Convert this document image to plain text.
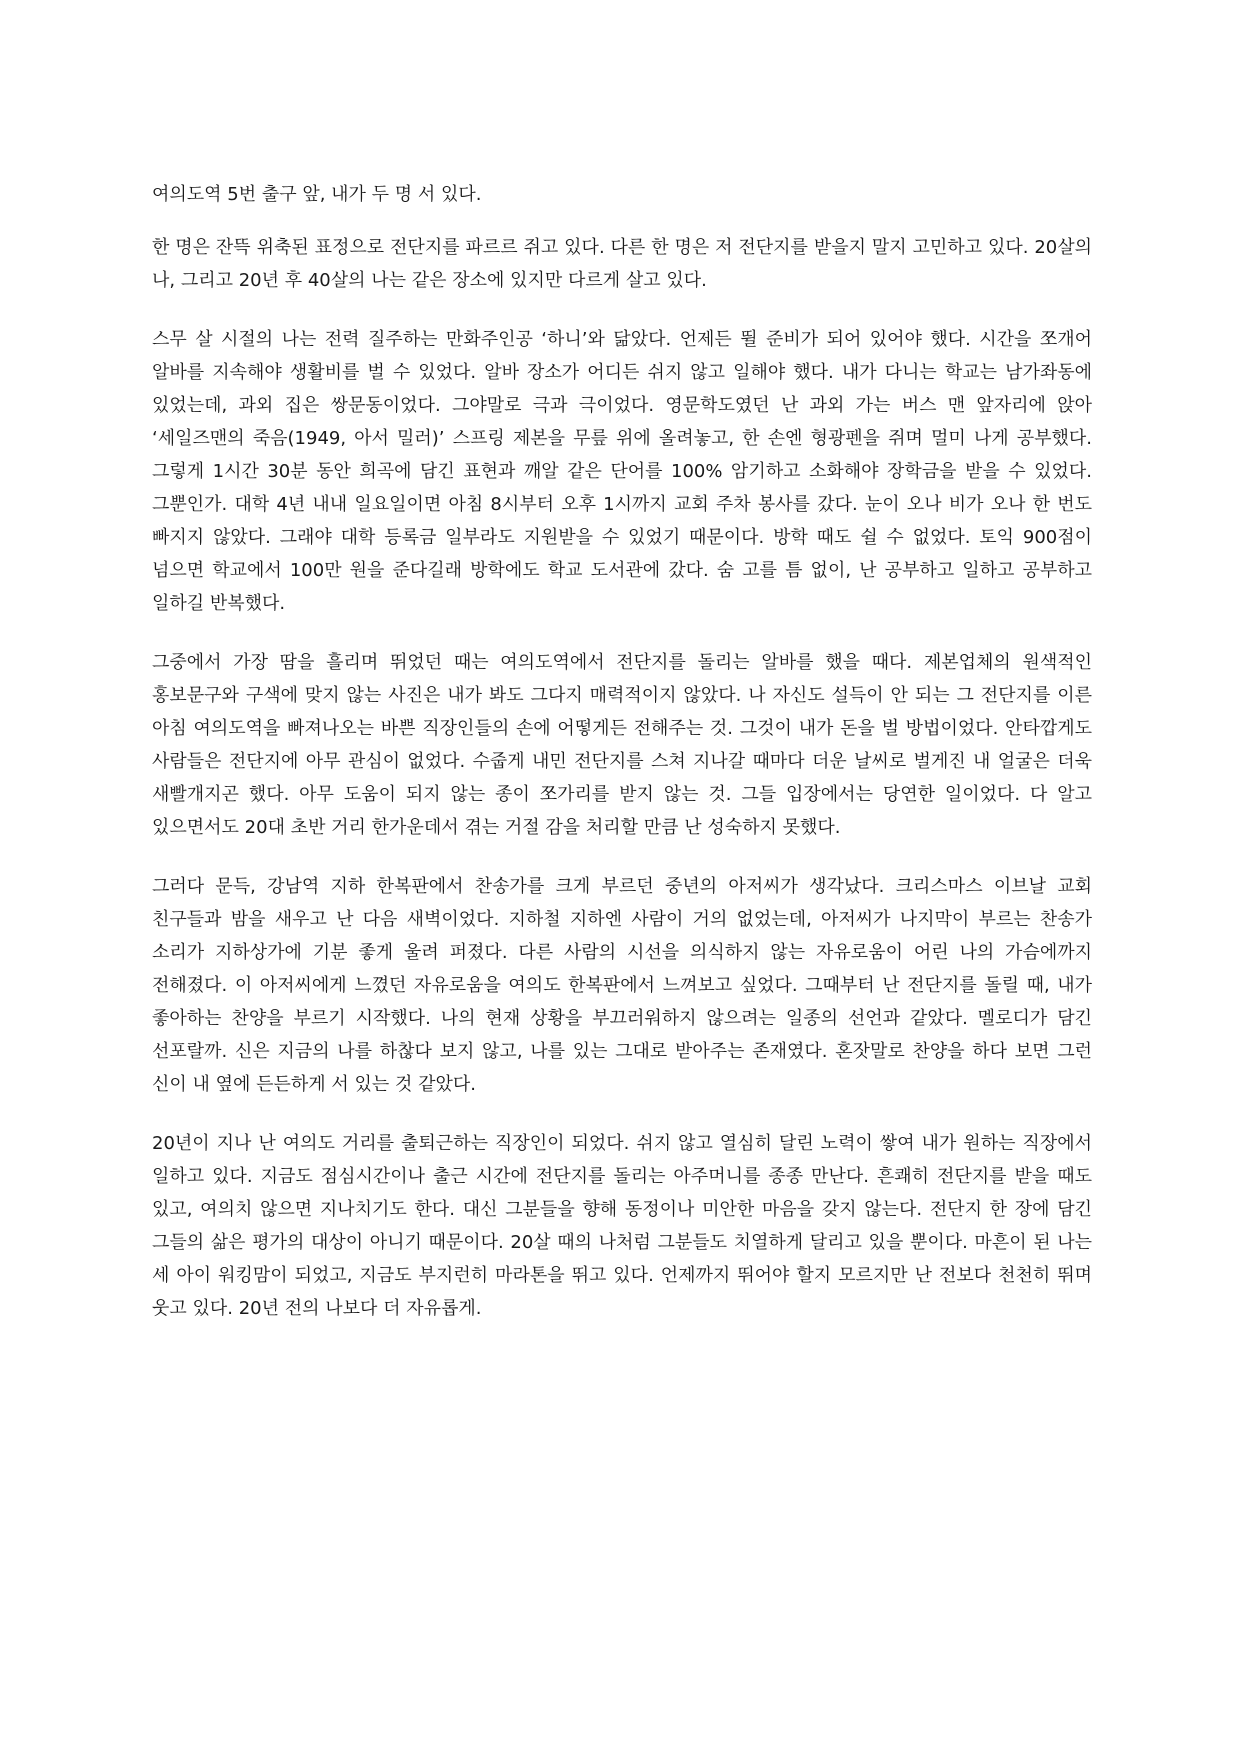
여의도역 5번 출구 앞, 내가 두 명 서 있다.

한 명은 잔뜩 위축된 표정으로 전단지를 파르르 쥐고 있다. 다른 한 명은 저 전단지를 받을지 말지 고민하고 있다. 20살의 나, 그리고 20년 후 40살의 나는 같은 장소에 있지만 다르게 살고 있다.

스무 살 시절의 나는 전력 질주하는 만화주인공 ‘하니’와 닮았다. 언제든 뛸 준비가 되어 있어야 했다. 시간을 쪼개어 알바를 지속해야 생활비를 벌 수 있었다. 알바 장소가 어디든 쉬지 않고 일해야 했다. 내가 다니는 학교는 남가좌동에 있었는데, 과외 집은 쌍문동이었다. 그야말로 극과 극이었다. 영문학도였던 난 과외 가는 버스 맨 앞자리에 앉아 ‘세일즈맨의 죽음(1949, 아서 밀러)’ 스프링 제본을 무릎 위에 올려놓고, 한 손엔 형광펜을 쥐며 멀미 나게 공부했다. 그렇게 1시간 30분 동안 희곡에 담긴 표현과 깨알 같은 단어를 100% 암기하고 소화해야 장학금을 받을 수 있었다. 그뿐인가. 대학 4년 내내 일요일이면 아침 8시부터 오후 1시까지 교회 주차 봉사를 갔다. 눈이 오나 비가 오나 한 번도 빠지지 않았다. 그래야 대학 등록금 일부라도 지원받을 수 있었기 때문이다. 방학 때도 쉴 수 없었다. 토익 900점이 넘으면 학교에서 100만 원을 준다길래 방학에도 학교 도서관에 갔다. 숨 고를 틈 없이, 난 공부하고 일하고 공부하고 일하길 반복했다.

그중에서 가장 땀을 흘리며 뛰었던 때는 여의도역에서 전단지를 돌리는 알바를 했을 때다. 제본업체의 원색적인 홍보문구와 구색에 맞지 않는 사진은 내가 봐도 그다지 매력적이지 않았다. 나 자신도 설득이 안 되는 그 전단지를 이른 아침 여의도역을 빠져나오는 바쁜 직장인들의 손에 어떻게든 전해주는 것. 그것이 내가 돈을 벌 방법이었다. 안타깝게도 사람들은 전단지에 아무 관심이 없었다. 수줍게 내민 전단지를 스쳐 지나갈 때마다 더운 날씨로 벌게진 내 얼굴은 더욱 새빨개지곤 했다. 아무 도움이 되지 않는 종이 쪼가리를 받지 않는 것. 그들 입장에서는 당연한 일이었다. 다 알고 있으면서도 20대 초반 거리 한가운데서 겪는 거절 감을 처리할 만큼 난 성숙하지 못했다.

그러다 문득, 강남역 지하 한복판에서 찬송가를 크게 부르던 중년의 아저씨가 생각났다. 크리스마스 이브날 교회 친구들과 밤을 새우고 난 다음 새벽이었다. 지하철 지하엔 사람이 거의 없었는데, 아저씨가 나지막이 부르는 찬송가 소리가 지하상가에 기분 좋게 울려 퍼졌다. 다른 사람의 시선을 의식하지 않는 자유로움이 어린 나의 가슴에까지 전해졌다. 이 아저씨에게 느꼈던 자유로움을 여의도 한복판에서 느껴보고 싶었다. 그때부터 난 전단지를 돌릴 때, 내가 좋아하는 찬양을 부르기 시작했다. 나의 현재 상황을 부끄러워하지 않으려는 일종의 선언과 같았다. 멜로디가 담긴 선포랄까. 신은 지금의 나를 하찮다 보지 않고, 나를 있는 그대로 받아주는 존재였다. 혼잣말로 찬양을 하다 보면 그런 신이 내 옆에 든든하게 서 있는 것 같았다.

20년이 지나 난 여의도 거리를 출퇴근하는 직장인이 되었다. 쉬지 않고 열심히 달린 노력이 쌓여 내가 원하는 직장에서 일하고 있다. 지금도 점심시간이나 출근 시간에 전단지를 돌리는 아주머니를 종종 만난다. 흔쾌히 전단지를 받을 때도 있고, 여의치 않으면 지나치기도 한다. 대신 그분들을 향해 동정이나 미안한 마음을 갖지 않는다. 전단지 한 장에 담긴 그들의 삶은 평가의 대상이 아니기 때문이다. 20살 때의 나처럼 그분들도 치열하게 달리고 있을 뿐이다. 마흔이 된 나는 세 아이 워킹맘이 되었고, 지금도 부지런히 마라톤을 뛰고 있다. 언제까지 뛰어야 할지 모르지만 난 전보다 천천히 뛰며 웃고 있다. 20년 전의 나보다 더 자유롭게.
